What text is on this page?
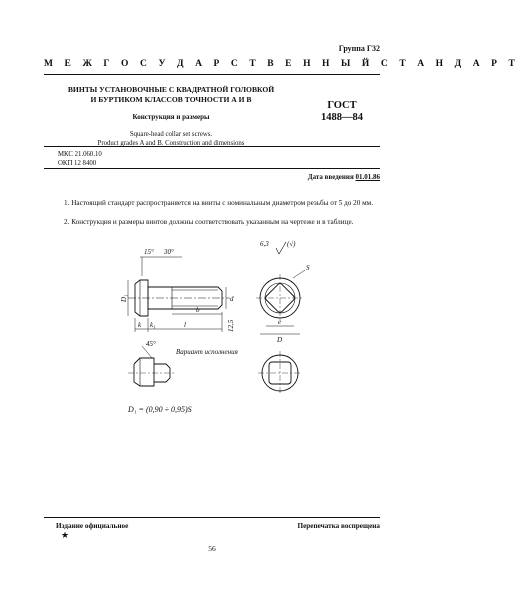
Группа Г32
М Е Ж Г О С У Д А Р С Т В Е Н Н Ы Й С Т А Н Д А Р Т
ВИНТЫ УСТАНОВОЧНЫЕ С КВАДРАТНОЙ ГОЛОВКОЙ
И БУРТИКОМ КЛАССОВ ТОЧНОСТИ А И В
ГОСТ
1488—84
Конструкция и размеры
Square-head collar set screws.
Product grades A and B. Construction and dimensions
МКС 21.060.10
ОКП 12 8400
Дата введения 01.01.86
1. Настоящий стандарт распространяется на винты с номинальным диаметром резьбы от 5 до 20 мм.
2. Конструкция и размеры винтов должны соответствовать указанным на чертеже и в таблице.
15° 30°
D₁	d
b
l
k k₁	12,5
6,3	(√)
S
e
D
45°
Вариант исполнения
D₁ = (0,90 ÷ 0,95)S
Издание официальное
★
Перепечатка воспрещена
56
